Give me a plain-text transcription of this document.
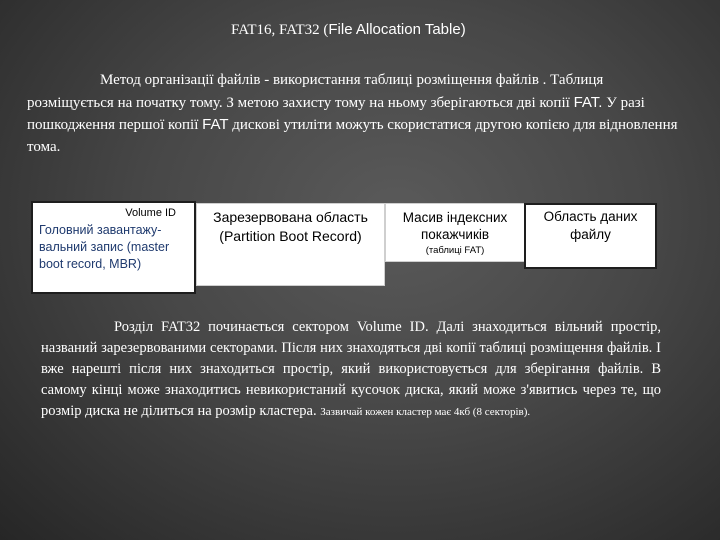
FAT16, FAT32 (File Allocation Table)
Метод організації файлів - використання таблиці розміщення файлів . Таблиця розміщується на початку тому. З метою захисту тому на ньому зберігаються дві копії FAT. У разі пошкодження першої копії FAT дискові утиліти можуть скористатися другою копією для відновлення тома.
Volume ID
Головний завантажу-вальний запис (master boot record, MBR)
Зарезервована область (Partition Boot Record)
Масив індексних покажчиків
(таблиці FAT)
Область даних файлу
Розділ FAT32 починається сектором Volume ID. Далі знаходиться вільний простір, названий зарезервованими секторами. Після них знаходяться дві копії таблиці розміщення файлів. І вже нарешті після них знаходиться простір, який використовується для зберігання файлів. В самому кінці може знаходитись невикористаний кусочок диска, який може з'явитись через те, що розмір диска не ділиться на розмір кластера. Зазвичай кожен кластер має 4кб (8 секторів).
